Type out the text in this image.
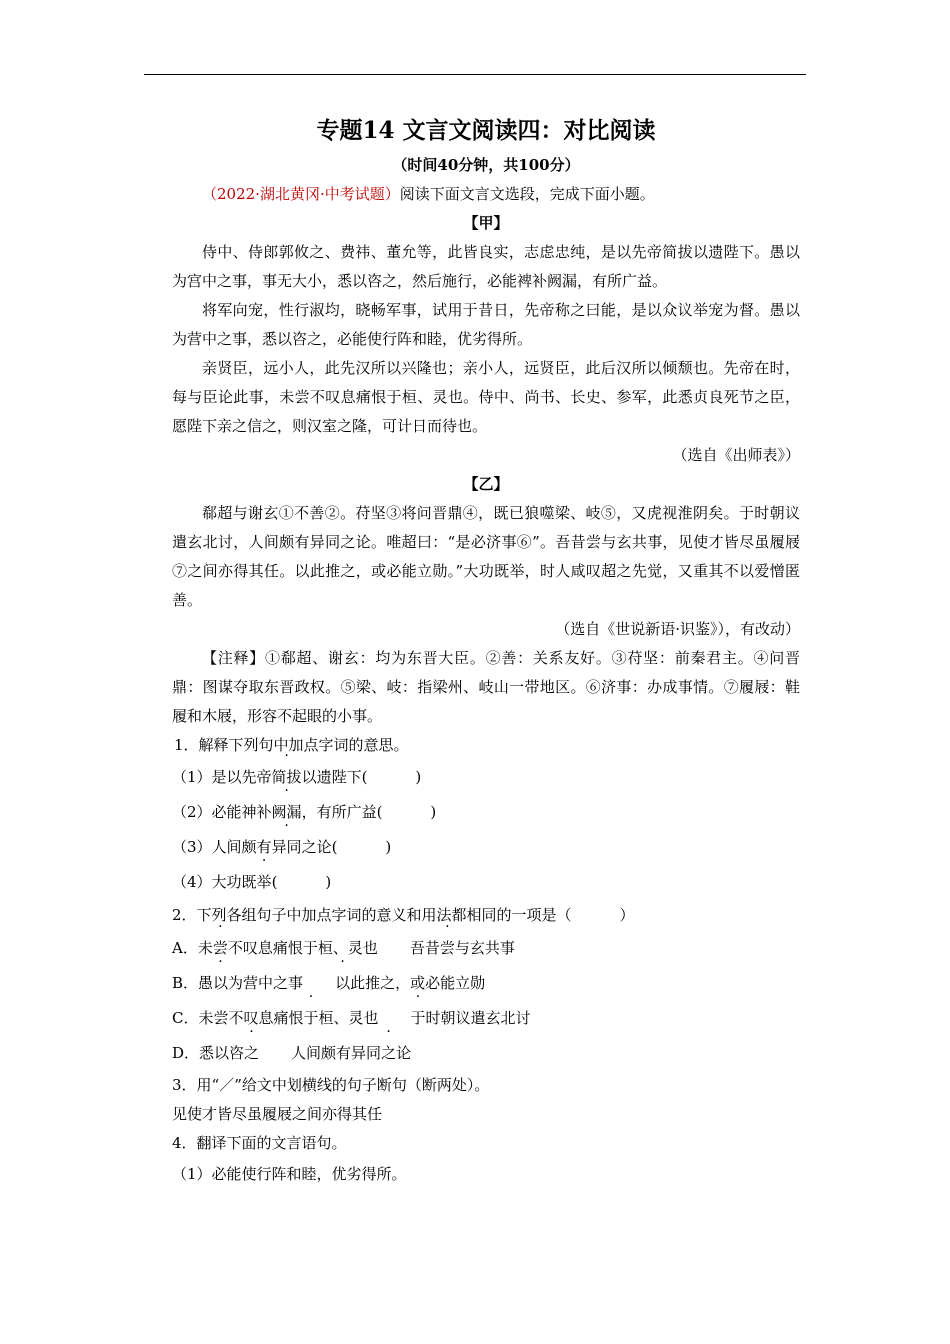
专题14 文言文阅读四：对比阅读

（时间40分钟，共100分）

（2022·湖北黄冈·中考试题）阅读下面文言文选段，完成下面小题。

【甲】

侍中、侍郎郭攸之、费祎、董允等，此皆良实，志虑忠纯，是以先帝简拔以遗陛下。愚以为宫中之事，事无大小，悉以咨之，然后施行，必能裨补阙漏，有所广益。

将军向宠，性行淑均，晓畅军事，试用于昔日，先帝称之曰能，是以众议举宠为督。愚以为营中之事，悉以咨之，必能使行阵和睦，优劣得所。

亲贤臣，远小人，此先汉所以兴隆也；亲小人，远贤臣，此后汉所以倾颓也。先帝在时，每与臣论此事，未尝不叹息痛恨于桓、灵也。侍中、尚书、长史、参军，此悉贞良死节之臣，愿陛下亲之信之，则汉室之隆，可计日而待也。

（选自《出师表》）

【乙】

郗超与谢玄①不善②。苻坚③将问晋鼎④，既已狼噬梁、岐⑤，又虎视淮阴矣。于时朝议遣玄北讨，人间颇有异同之论。唯超曰：“是必济事⑥”。吾昔尝与玄共事，见使才皆尽虽履屐⑦之间亦得其任。以此推之，或必能立勋。”大功既举，时人咸叹超之先觉，又重其不以爱憎匿善。

（选自《世说新语·识鉴》），有改动）

【注释】①郗超、谢玄：均为东晋大臣。②善：关系友好。③苻坚：前秦君主。④问晋鼎：图谋夺取东晋政权。⑤梁、岐：指梁州、岐山一带地区。⑥济事：办成事情。⑦履屐：鞋履和木屐，形容不起眼的小事。

1．解释下列句中加点字词的意思。

（1）是以先帝简拔以遗陛下(	)

（2）必能神补阙漏，有所广益(	)

（3）人间颇有异同之论(	)

（4）大功既举(	)

2．下列各组句子中加点字词的意义和用法都相同的一项是（	）

A．未尝不叹息痛恨于桓、灵也 吾昔尝与玄共事

B．愚以为营中之事 以此推之，或必能立勋

C．未尝不叹息痛恨于桓、灵也 于时朝议遣玄北讨

D．悉以咨之 人间颇有异同之论

3．用“／”给文中划横线的句子断句（断两处）。

见使才皆尽虽履屐之间亦得其任

4．翻译下面的文言语句。

（1）必能使行阵和睦，优劣得所。
